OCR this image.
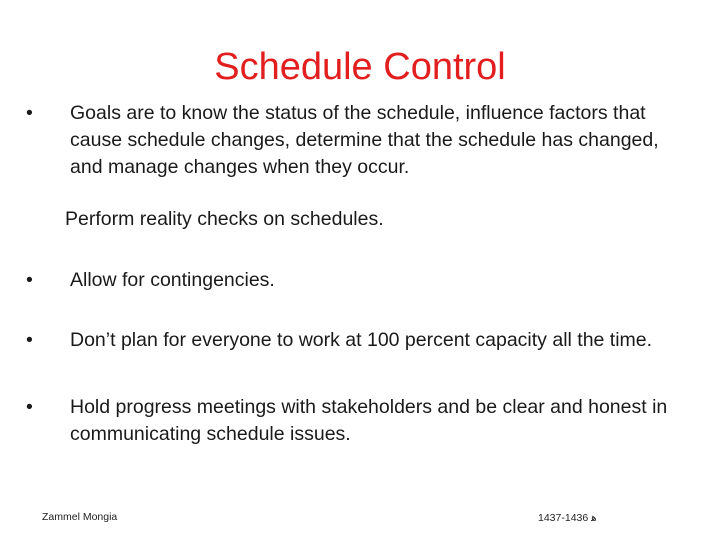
Schedule Control

•	Goals are to know the status of the schedule, influence factors that cause schedule changes, determine that the schedule has changed, and manage changes when they occur.

Perform reality checks on schedules.

•	Allow for contingencies.

•	Don’t plan for everyone to work at 100 percent capacity all the time.

•	Hold progress meetings with stakeholders and be clear and honest in communicating schedule issues.

Zammel Mongia	ﻫ 1436-1437
